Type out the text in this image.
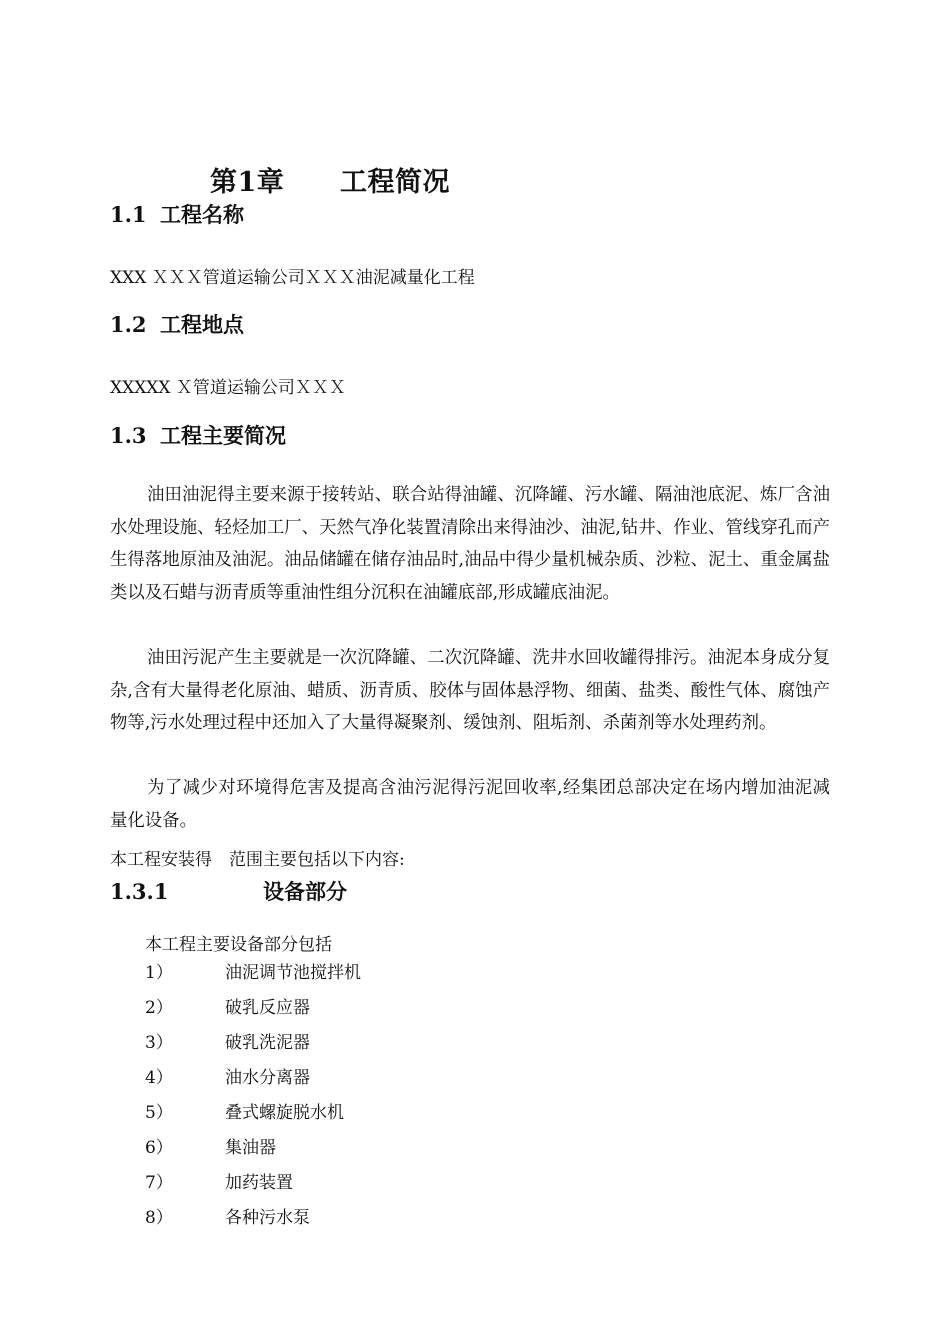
第1章 工程简况
1.1 工程名称
XXX ＸＸＸ管道运输公司ＸＸＸ油泥减量化工程
1.2 工程地点
XXXXX Ｘ管道运输公司ＸＸＸ
1.3 工程主要简况
油田油泥得主要来源于接转站、联合站得油罐、沉降罐、污水罐、隔油池底泥、炼厂含油水处理设施、轻烃加工厂、天然气净化装置清除出来得油沙、油泥,钻井、作业、管线穿孔而产生得落地原油及油泥。油品储罐在储存油品时,油品中得少量机械杂质、沙粒、泥土、重金属盐类以及石蜡与沥青质等重油性组分沉积在油罐底部,形成罐底油泥。
油田污泥产生主要就是一次沉降罐、二次沉降罐、洗井水回收罐得排污。油泥本身成分复杂,含有大量得老化原油、蜡质、沥青质、胶体与固体悬浮物、细菌、盐类、酸性气体、腐蚀产物等,污水处理过程中还加入了大量得凝聚剂、缓蚀剂、阻垢剂、杀菌剂等水处理药剂。
为了减少对环境得危害及提高含油污泥得污泥回收率,经集团总部决定在场内增加油泥减量化设备。
本工程安装得　范围主要包括以下内容:
1.3.1	设备部分
本工程主要设备部分包括
1）	油泥调节池搅拌机
2）	破乳反应器
3）	破乳洗泥器
4）	油水分离器
5）	叠式螺旋脱水机
6）	集油器
7）	加药装置
8）	各种污水泵
